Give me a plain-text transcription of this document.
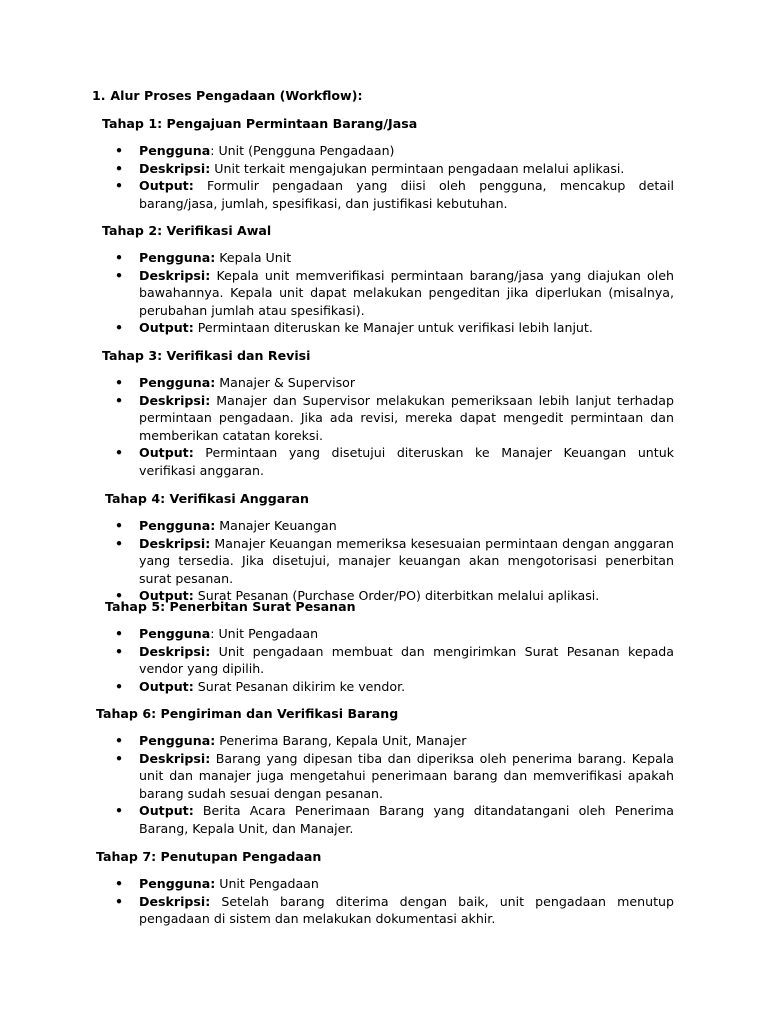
1. Alur Proses Pengadaan (Workflow):
Tahap 1: Pengajuan Permintaan Barang/Jasa
• Pengguna: Unit (Pengguna Pengadaan)
• Deskripsi: Unit terkait mengajukan permintaan pengadaan melalui aplikasi.
• Output: Formulir pengadaan yang diisi oleh pengguna, mencakup detail barang/jasa, jumlah, spesifikasi, dan justifikasi kebutuhan.
Tahap 2: Verifikasi Awal
• Pengguna: Kepala Unit
• Deskripsi: Kepala unit memverifikasi permintaan barang/jasa yang diajukan oleh bawahannya. Kepala unit dapat melakukan pengeditan jika diperlukan (misalnya, perubahan jumlah atau spesifikasi).
• Output: Permintaan diteruskan ke Manajer untuk verifikasi lebih lanjut.
Tahap 3: Verifikasi dan Revisi
• Pengguna: Manajer & Supervisor
• Deskripsi: Manajer dan Supervisor melakukan pemeriksaan lebih lanjut terhadap permintaan pengadaan. Jika ada revisi, mereka dapat mengedit permintaan dan memberikan catatan koreksi.
• Output: Permintaan yang disetujui diteruskan ke Manajer Keuangan untuk verifikasi anggaran.
Tahap 4: Verifikasi Anggaran
• Pengguna: Manajer Keuangan
• Deskripsi: Manajer Keuangan memeriksa kesesuaian permintaan dengan anggaran yang tersedia. Jika disetujui, manajer keuangan akan mengotorisasi penerbitan surat pesanan.
• Output: Surat Pesanan (Purchase Order/PO) diterbitkan melalui aplikasi.
Tahap 5: Penerbitan Surat Pesanan
• Pengguna: Unit Pengadaan
• Deskripsi: Unit pengadaan membuat dan mengirimkan Surat Pesanan kepada vendor yang dipilih.
• Output: Surat Pesanan dikirim ke vendor.
Tahap 6: Pengiriman dan Verifikasi Barang
• Pengguna: Penerima Barang, Kepala Unit, Manajer
• Deskripsi: Barang yang dipesan tiba dan diperiksa oleh penerima barang. Kepala unit dan manajer juga mengetahui penerimaan barang dan memverifikasi apakah barang sudah sesuai dengan pesanan.
• Output: Berita Acara Penerimaan Barang yang ditandatangani oleh Penerima Barang, Kepala Unit, dan Manajer.
Tahap 7: Penutupan Pengadaan
• Pengguna: Unit Pengadaan
• Deskripsi: Setelah barang diterima dengan baik, unit pengadaan menutup pengadaan di sistem dan melakukan dokumentasi akhir.
